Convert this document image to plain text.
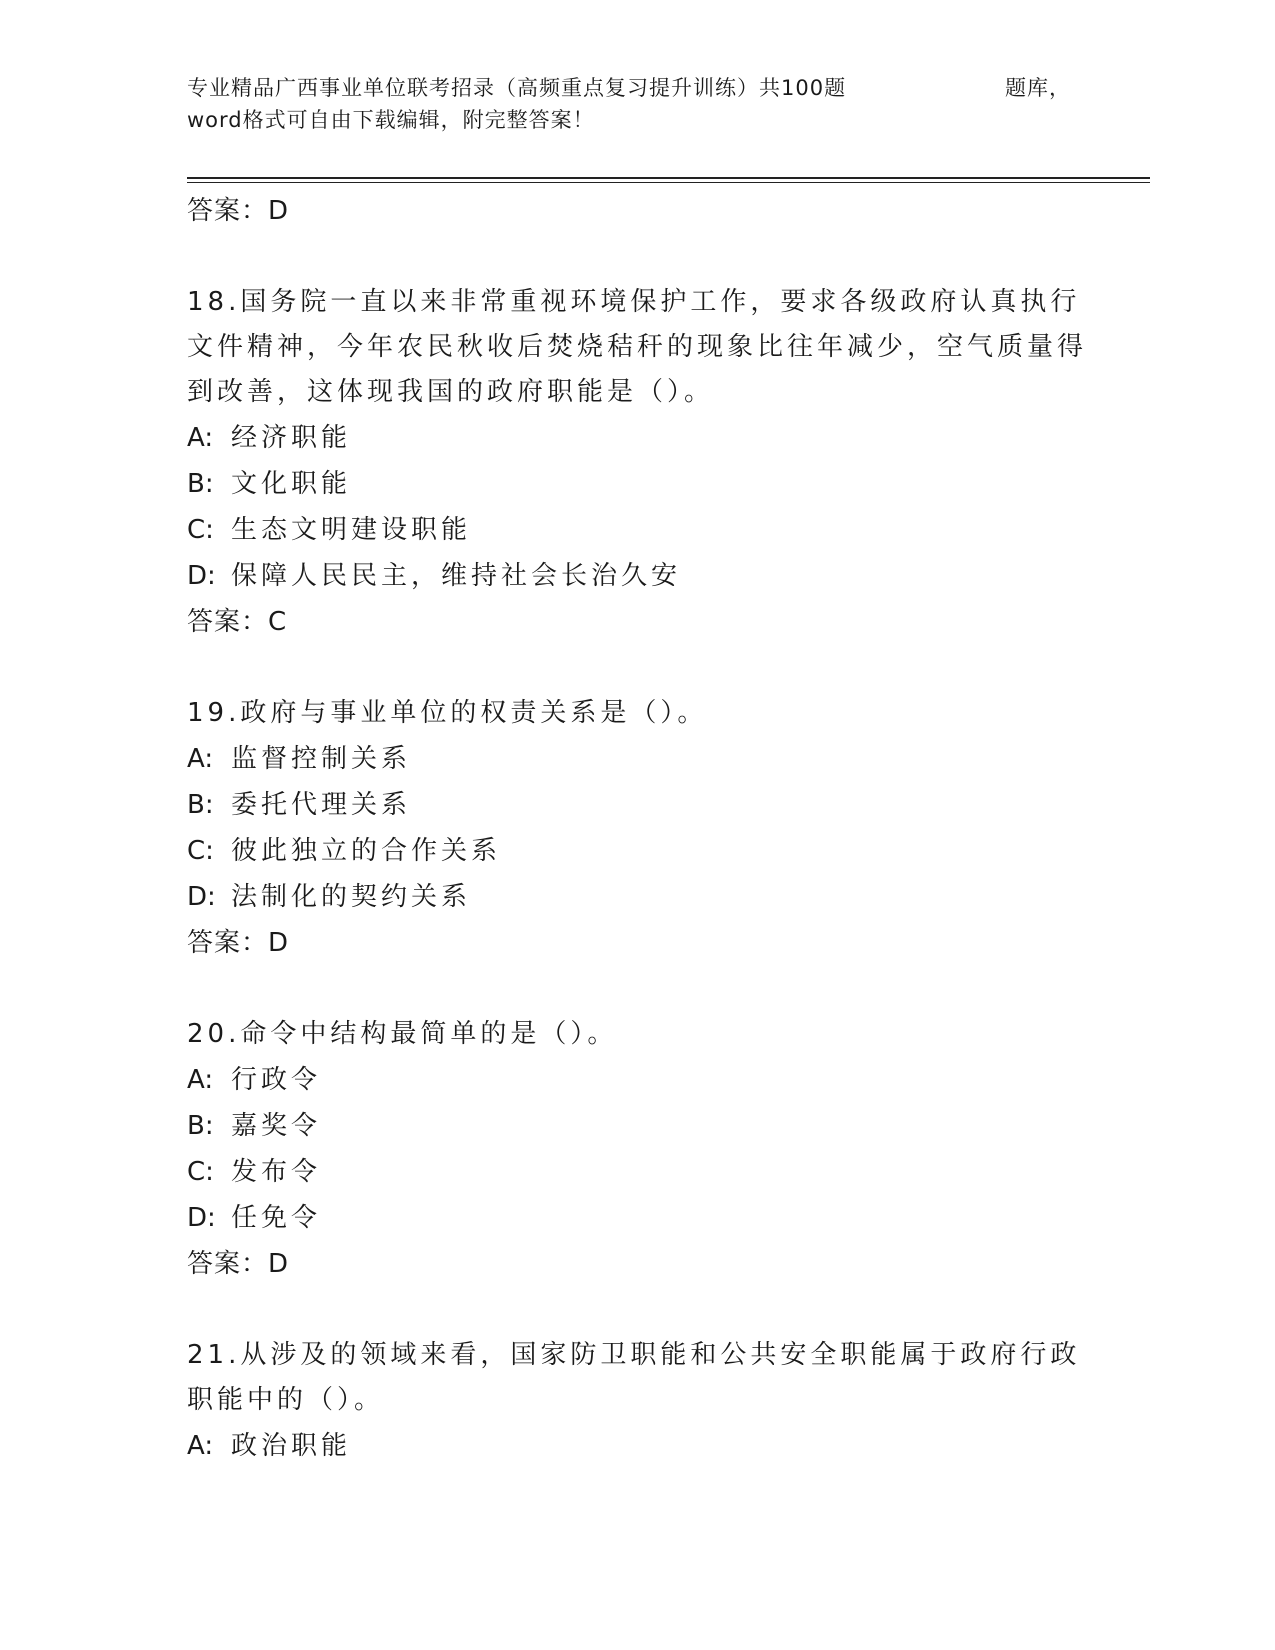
专业精品广西事业单位联考招录（高频重点复习提升训练）共100题	题库，
word格式可自由下载编辑，附完整答案！
答案：D
18.国务院一直以来非常重视环境保护工作，要求各级政府认真执行文件精神，今年农民秋收后焚烧秸秆的现象比往年减少，空气质量得到改善，这体现我国的政府职能是（）。
A: 经济职能
B: 文化职能
C: 生态文明建设职能
D: 保障人民民主，维持社会长治久安
答案：C
19.政府与事业单位的权责关系是（）。
A: 监督控制关系
B: 委托代理关系
C: 彼此独立的合作关系
D: 法制化的契约关系
答案：D
20.命令中结构最简单的是（）。
A: 行政令
B: 嘉奖令
C: 发布令
D: 任免令
答案：D
21.从涉及的领域来看，国家防卫职能和公共安全职能属于政府行政职能中的（）。
A: 政治职能
